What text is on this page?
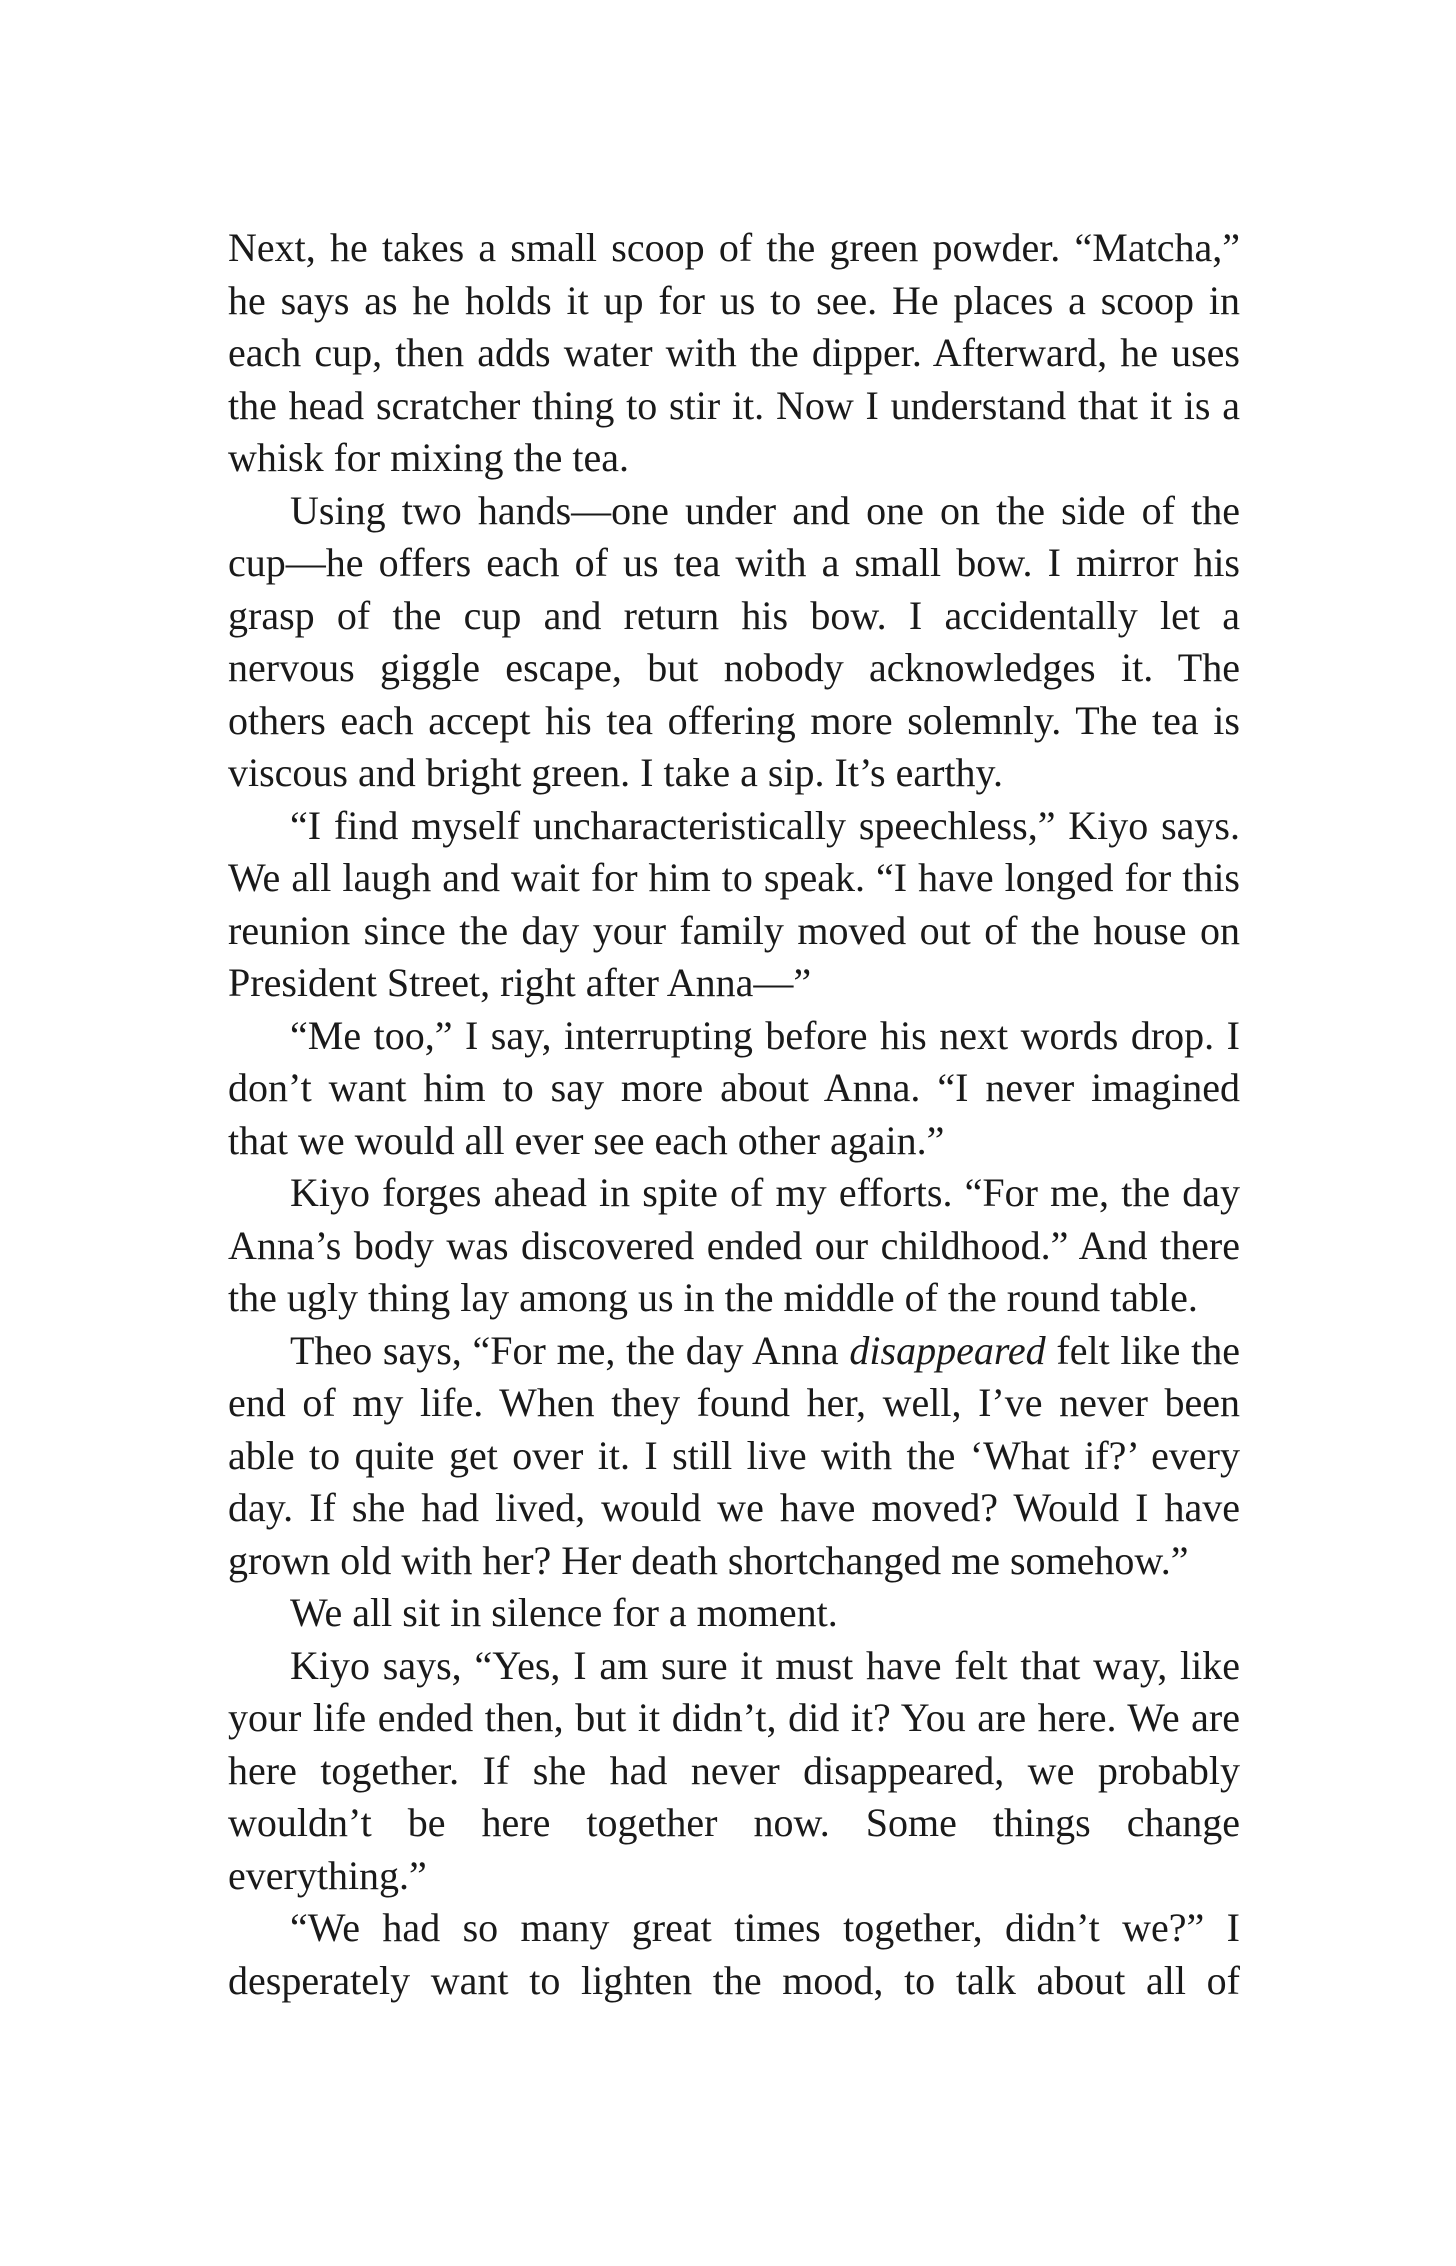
Next, he takes a small scoop of the green powder. “Matcha,” he says as he holds it up for us to see. He places a scoop in each cup, then adds water with the dipper. Afterward, he uses the head scratcher thing to stir it. Now I understand that it is a whisk for mixing the tea.

Using two hands—one under and one on the side of the cup—he offers each of us tea with a small bow. I mirror his grasp of the cup and return his bow. I accidentally let a nervous giggle escape, but nobody acknowledges it. The others each accept his tea offering more solemnly. The tea is viscous and bright green. I take a sip. It’s earthy.

“I find myself uncharacteristically speechless,” Kiyo says. We all laugh and wait for him to speak. “I have longed for this reunion since the day your family moved out of the house on President Street, right after Anna—”

“Me too,” I say, interrupting before his next words drop. I don’t want him to say more about Anna. “I never imagined that we would all ever see each other again.”

Kiyo forges ahead in spite of my efforts. “For me, the day Anna’s body was discovered ended our childhood.” And there the ugly thing lay among us in the middle of the round table.

Theo says, “For me, the day Anna disappeared felt like the end of my life. When they found her, well, I’ve never been able to quite get over it. I still live with the ‘What if?’ every day. If she had lived, would we have moved? Would I have grown old with her? Her death shortchanged me somehow.”

We all sit in silence for a moment.

Kiyo says, “Yes, I am sure it must have felt that way, like your life ended then, but it didn’t, did it? You are here. We are here together. If she had never disappeared, we probably wouldn’t be here together now. Some things change everything.”

“We had so many great times together, didn’t we?” I desperately want to lighten the mood, to talk about all of
